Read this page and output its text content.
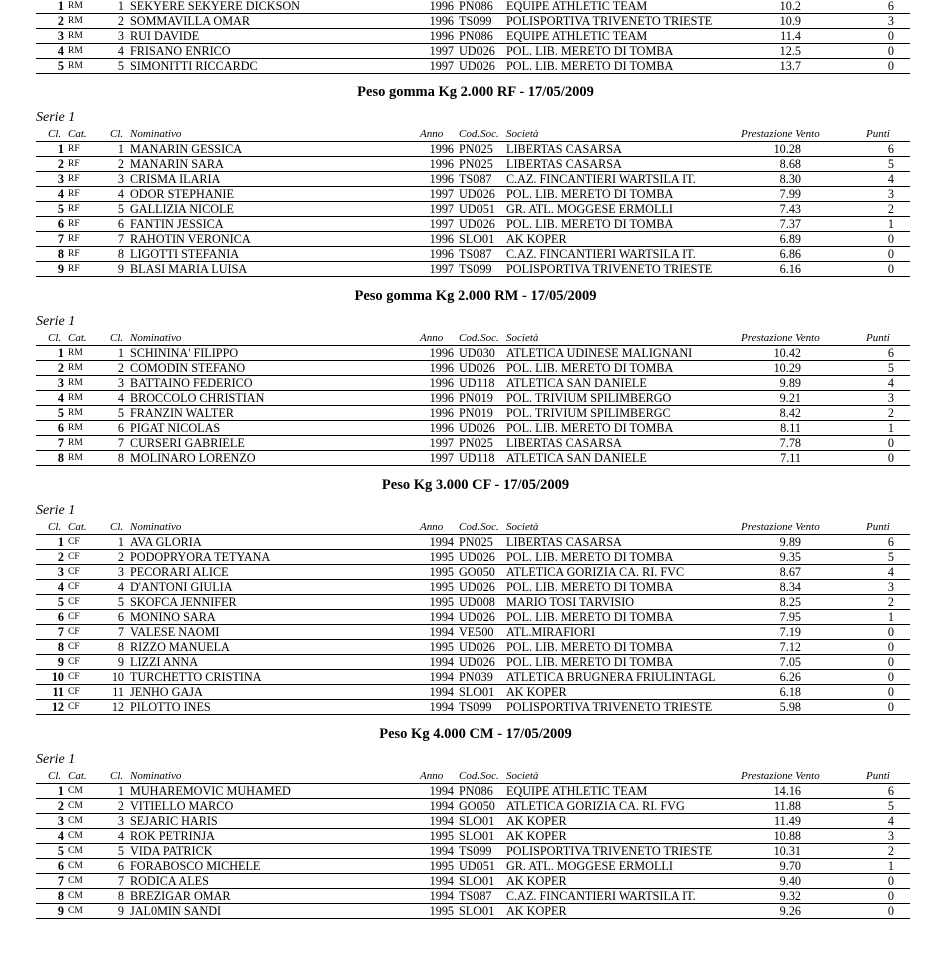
1 RM	1 SEKYERE SEKYERE DICKSON	1996 PN086 EQUIPE ATHLETIC TEAM	10.2	6
2 RM	2 SOMMAVILLA OMAR	1996 TS099 POLISPORTIVA TRIVENETO TRIESTE	10.9	3
3 RM	3 RUI DAVIDE	1996 PN086 EQUIPE ATHLETIC TEAM	11.4	0
4 RM	4 FRISANO ENRICO	1997 UD026 POL. LIB. MERETO DI TOMBA	12.5	0
5 RM	5 SIMONITTI RICCARDC	1997 UD026 POL. LIB. MERETO DI TOMBA	13.7	0
Peso gomma Kg 2.000 RF - 17/05/2009
Serie 1
Cl. Cat. Cl. Nominativo	Anno Cod.Soc. Società	Prestazione Vento	Punti
1 RF	1 MANARIN GESSICA	1996 PN025 LIBERTAS CASARSA	10.28	6
2 RF	2 MANARIN SARA	1996 PN025 LIBERTAS CASARSA	8.68	5
3 RF	3 CRISMA ILARIA	1996 TS087 C.AZ. FINCANTIERI WARTSILA IT.	8.30	4
4 RF	4 ODOR STEPHANIE	1997 UD026 POL. LIB. MERETO DI TOMBA	7.99	3
5 RF	5 GALLIZIA NICOLE	1997 UD051 GR. ATL. MOGGESE ERMOLLI	7.43	2
6 RF	6 FANTIN JESSICA	1997 UD026 POL. LIB. MERETO DI TOMBA	7.37	1
7 RF	7 RAHOTIN VERONICA	1996 SLO01 AK KOPER	6.89	0
8 RF	8 LIGOTTI STEFANIA	1996 TS087 C.AZ. FINCANTIERI WARTSILA IT.	6.86	0
9 RF	9 BLASI MARIA LUISA	1997 TS099 POLISPORTIVA TRIVENETO TRIESTE	6.16	0
Peso gomma Kg 2.000 RM - 17/05/2009
Serie 1
Cl. Cat. Cl. Nominativo	Anno Cod.Soc. Società	Prestazione Vento	Punti
1 RM	1 SCHININA' FILIPPO	1996 UD030 ATLETICA UDINESE MALIGNANI	10.42	6
2 RM	2 COMODIN STEFANO	1996 UD026 POL. LIB. MERETO DI TOMBA	10.29	5
3 RM	3 BATTAINO FEDERICO	1996 UD118 ATLETICA SAN DANIELE	9.89	4
4 RM	4 BROCCOLO CHRISTIAN	1996 PN019 POL. TRIVIUM SPILIMBERGO	9.21	3
5 RM	5 FRANZIN WALTER	1996 PN019 POL. TRIVIUM SPILIMBERGC	8.42	2
6 RM	6 PIGAT NICOLAS	1996 UD026 POL. LIB. MERETO DI TOMBA	8.11	1
7 RM	7 CURSERI GABRIELE	1997 PN025 LIBERTAS CASARSA	7.78	0
8 RM	8 MOLINARO LORENZO	1997 UD118 ATLETICA SAN DANIELE	7.11	0
Peso Kg 3.000 CF - 17/05/2009
Serie 1
Cl. Cat. Cl. Nominativo	Anno Cod.Soc. Società	Prestazione Vento	Punti
1 CF	1 AVA GLORIA	1994 PN025 LIBERTAS CASARSA	9.89	6
2 CF	2 PODOPRYORA TETYANA	1995 UD026 POL. LIB. MERETO DI TOMBA	9.35	5
3 CF	3 PECORARI ALICE	1995 GO050 ATLETICA GORIZIA CA. RI. FVC	8.67	4
4 CF	4 D'ANTONI GIULIA	1995 UD026 POL. LIB. MERETO DI TOMBA	8.34	3
5 CF	5 SKOFCA JENNIFER	1995 UD008 MARIO TOSI TARVISIO	8.25	2
6 CF	6 MONINO SARA	1994 UD026 POL. LIB. MERETO DI TOMBA	7.95	1
7 CF	7 VALESE NAOMI	1994 VE500 ATL.MIRAFIORI	7.19	0
8 CF	8 RIZZO MANUELA	1995 UD026 POL. LIB. MERETO DI TOMBA	7.12	0
9 CF	9 LIZZI ANNA	1994 UD026 POL. LIB. MERETO DI TOMBA	7.05	0
10 CF	10 TURCHETTO CRISTINA	1994 PN039 ATLETICA BRUGNERA FRIULINTAGL	6.26	0
11 CF	11 JENHO GAJA	1994 SLO01 AK KOPER	6.18	0
12 CF	12 PILOTTO INES	1994 TS099 POLISPORTIVA TRIVENETO TRIESTE	5.98	0
Peso Kg 4.000 CM - 17/05/2009
Serie 1
Cl. Cat. Cl. Nominativo	Anno Cod.Soc. Società	Prestazione Vento	Punti
1 CM	1 MUHAREMOVIC MUHAMED	1994 PN086 EQUIPE ATHLETIC TEAM	14.16	6
2 CM	2 VITIELLO MARCO	1994 GO050 ATLETICA GORIZIA CA. RI. FVG	11.88	5
3 CM	3 SEJARIC HARIS	1994 SLO01 AK KOPER	11.49	4
4 CM	4 ROK PETRINJA	1995 SLO01 AK KOPER	10.88	3
5 CM	5 VIDA PATRICK	1994 TS099 POLISPORTIVA TRIVENETO TRIESTE	10.31	2
6 CM	6 FORABOSCO MICHELE	1995 UD051 GR. ATL. MOGGESE ERMOLLI	9.70	1
7 CM	7 RODICA ALES	1994 SLO01 AK KOPER	9.40	0
8 CM	8 BREZIGAR OMAR	1994 TS087 C.AZ. FINCANTIERI WARTSILA IT.	9.32	0
9 CM	9 JAL0MIN SANDI	1995 SLO01 AK KOPER	9.26	0
